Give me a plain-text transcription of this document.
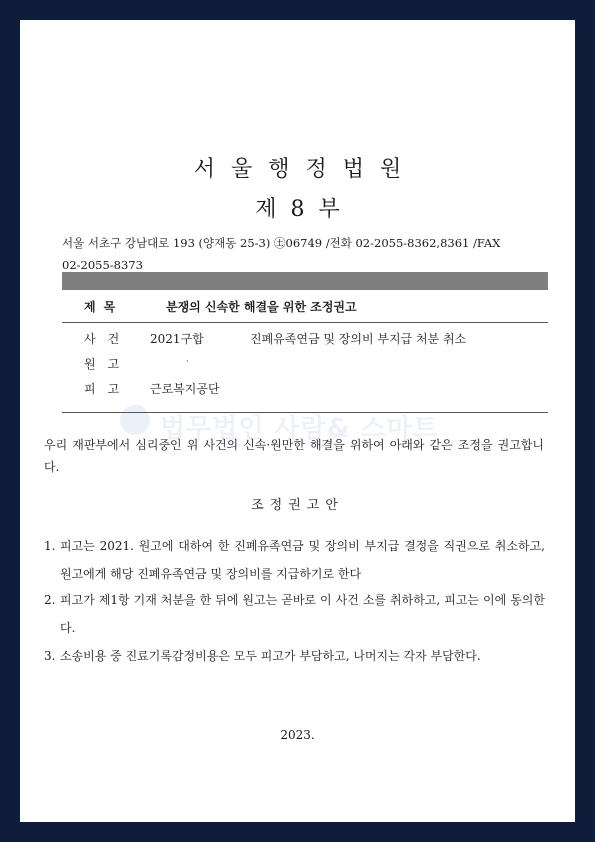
서울행정법원
제8부
서울 서초구 강남대로 193 (양재동 25-3) ㊏06749 /전화 02-2055-8362,8361 /FAX
02-2055-8373
제목	분쟁의 신속한 해결을 위한 조정권고
사건 2021구합	진폐유족연금 및 장의비 부지급 처분 취소
원고	·
피고 근로복지공단
법무법인 사람& 스마트
우리 재판부에서 심리중인 위 사건의 신속·원만한 해결을 위하여 아래와 같은 조정을 권고합니다.
조정권고안
1. 피고는 2021. 원고에 대하여 한 진폐유족연금 및 장의비 부지급 결정을 직권으로 취소하고, 원고에게 해당 진폐유족연금 및 장의비를 지급하기로 한다
2. 피고가 제1항 기재 처분을 한 뒤에 원고는 곧바로 이 사건 소를 취하하고, 피고는 이에 동의한다.
3. 소송비용 중 진료기록감정비용은 모두 피고가 부담하고, 나머지는 각자 부담한다.
2023.
